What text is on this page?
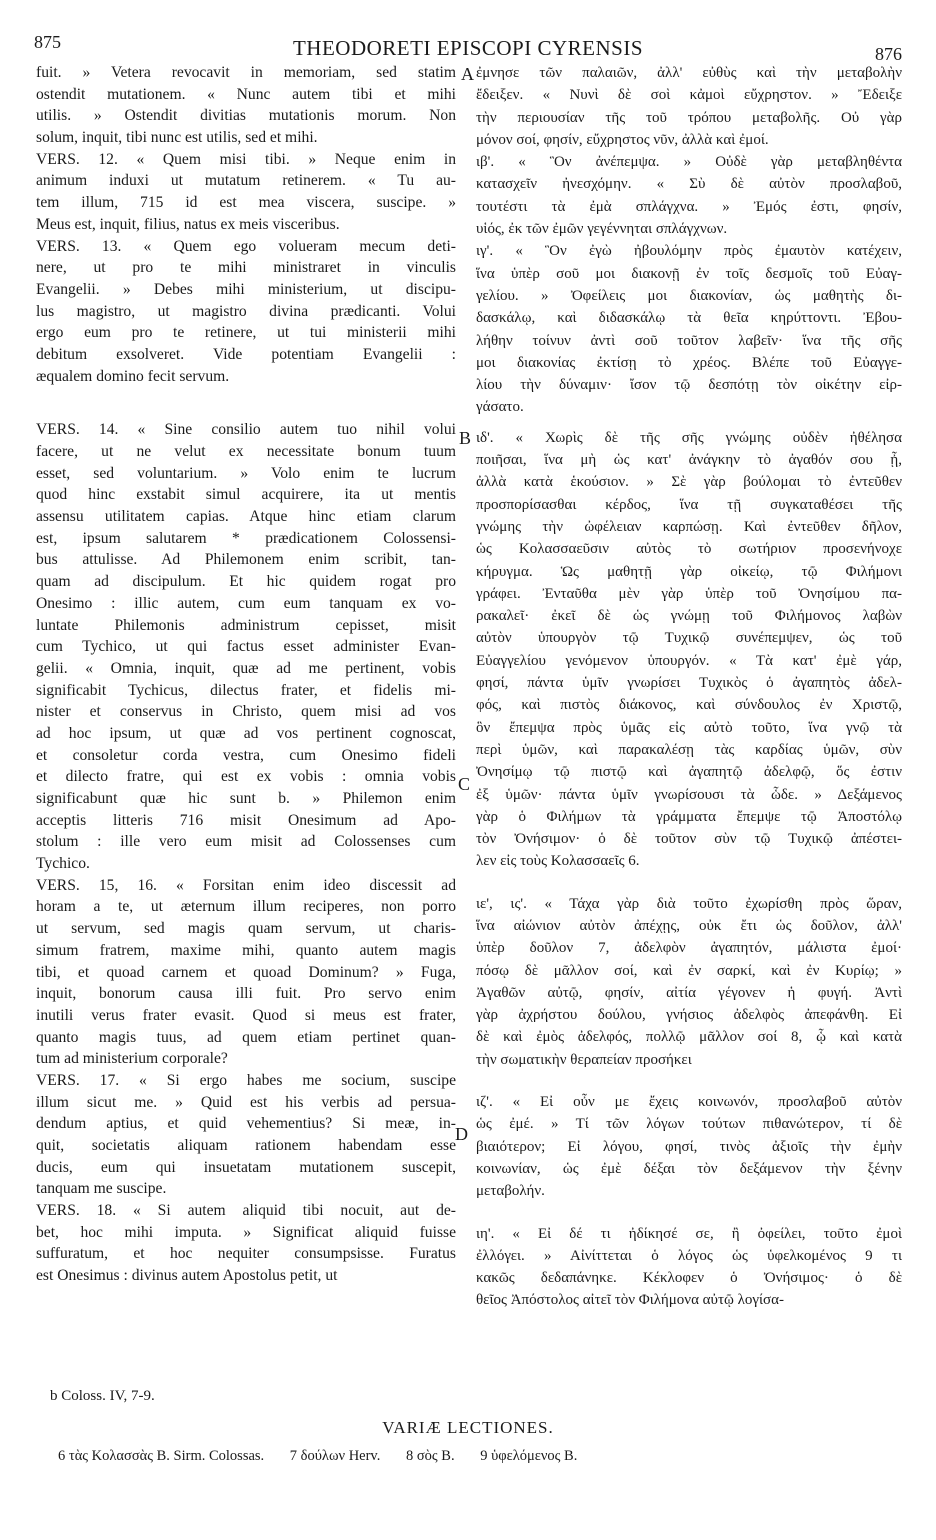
875	THEODORETI EPISCOPI CYRENSIS	876
A
B
C
D
fuit. » Vetera revocavit in memoriam, sed statim
ostendit mutationem. « Nunc autem tibi et mihi
utilis. » Ostendit divitias mutationis morum. Non
solum, inquit, tibi nunc est utilis, sed et mihi.
VERS. 12. « Quem misi tibi. » Neque enim in
animum induxi ut mutatum retinerem. « Tu au-
tem illum, 715 id est mea viscera, suscipe. »
Meus est, inquit, filius, natus ex meis visceribus.
VERS. 13. « Quem ego volueram mecum deti-
nere, ut pro te mihi ministraret in vinculis
Evangelii. » Debes mihi ministerium, ut discipu-
lus magistro, ut magistro divina prædicanti. Volui
ergo eum pro te retinere, ut tui ministerii mihi
debitum exsolveret. Vide potentiam Evangelii :
æqualem domino fecit servum.
VERS. 14. « Sine consilio autem tuo nihil volui
facere, ut ne velut ex necessitate bonum tuum
esset, sed voluntarium. » Volo enim te lucrum
quod hinc exstabit simul acquirere, ita ut mentis
assensu utilitatem capias. Atque hinc etiam clarum
est, ipsum salutarem * prædicationem Colossensi-
bus attulisse. Ad Philemonem enim scribit, tan-
quam ad discipulum. Et hic quidem rogat pro
Onesimo : illic autem, cum eum tanquam ex vo-
luntate Philemonis administrum cepisset, misit
cum Tychico, ut qui factus esset administer Evan-
gelii. « Omnia, inquit, quæ ad me pertinent, vobis
significabit Tychicus, dilectus frater, et fidelis mi-
nister et conservus in Christo, quem misi ad vos
ad hoc ipsum, ut quæ ad vos pertinent cognoscat,
et consoletur corda vestra, cum Onesimo fideli
et dilecto fratre, qui est ex vobis : omnia vobis
significabunt quæ hic sunt b. » Philemon enim
acceptis litteris 716 misit Onesimum ad Apo-
stolum : ille vero eum misit ad Colossenses cum
Tychico.
VERS. 15, 16. « Forsitan enim ideo discessit ad
horam a te, ut æternum illum reciperes, non porro
ut servum, sed magis quam servum, ut charis-
simum fratrem, maxime mihi, quanto autem magis
tibi, et quoad carnem et quoad Dominum? » Fuga,
inquit, bonorum causa illi fuit. Pro servo enim
inutili verus frater evasit. Quod si meus est frater,
quanto magis tuus, ad quem etiam pertinet quan-
tum ad ministerium corporale?
VERS. 17. « Si ergo habes me socium, suscipe
illum sicut me. » Quid est his verbis ad persua-
dendum aptius, et quid vehementius? Si meæ, in-
quit, societatis aliquam rationem habendam esse
ducis, eum qui insuetatam mutationem suscepit,
tanquam me suscipe.
VERS. 18. « Si autem aliquid tibi nocuit, aut de-
bet, hoc mihi imputa. » Significat aliquid fuisse
suffuratum, et hoc nequiter consumpsisse. Furatus
est Onesimus : divinus autem Apostolus petit, ut
ἐμνησε τῶν παλαιῶν, ἀλλ' εὐθὺς καὶ τὴν μεταβολὴν
ἔδειξεν. « Νυνὶ δὲ σοὶ κἀμοὶ εὔχρηστον. » Ἔδειξε
τὴν περιουσίαν τῆς τοῦ τρόπου μεταβολῆς. Οὐ γὰρ
μόνον σοί, φησίν, εὔχρηστος νῦν, ἀλλὰ καὶ ἐμοί.
ιβ'. « Ὃν ἀνέπεμψα. » Οὐδὲ γὰρ μεταβληθέντα
κατασχεῖν ἠνεσχόμην. « Σὺ δὲ αὐτὸν προσλαβοῦ,
τουτέστι τὰ ἐμὰ σπλάγχνα. » Ἐμός ἐστι, φησίν,
υἱός, ἐκ τῶν ἐμῶν γεγέννηται σπλάγχνων.
ιγ'. « Ὃν ἐγὼ ἠβουλόμην πρὸς ἐμαυτὸν κατέχειν,
ἵνα ὑπὲρ σοῦ μοι διακονῇ ἐν τοῖς δεσμοῖς τοῦ Εὐαγ-
γελίου. » Ὀφείλεις μοι διακονίαν, ὡς μαθητὴς δι-
δασκάλῳ, καὶ διδασκάλῳ τὰ θεῖα κηρύττοντι. Ἐβου-
λήθην τοίνυν ἀντὶ σοῦ τοῦτον λαβεῖν· ἵνα τῆς σῆς
μοι διακονίας ἐκτίσῃ τὸ χρέος. Βλέπε τοῦ Εὐαγγε-
λίου τὴν δύναμιν· ἴσον τῷ δεσπότῃ τὸν οἰκέτην εἰρ-
γάσατο.
ιδ'. « Χωρὶς δὲ τῆς σῆς γνώμης οὐδὲν ἠθέλησα
ποιῆσαι, ἵνα μὴ ὡς κατ' ἀνάγκην τὸ ἀγαθόν σου ᾖ,
ἀλλὰ κατὰ ἑκούσιον. » Σὲ γὰρ βούλομαι τὸ ἐντεῦθεν
προσπορίσασθαι κέρδος, ἵνα τῇ συγκαταθέσει τῆς
γνώμης τὴν ὠφέλειαν καρπώσῃ. Καὶ ἐντεῦθεν δῆλον,
ὡς Κολασσαεῦσιν αὐτὸς τὸ σωτήριον προσενήνοχε
κήρυγμα. Ὡς μαθητῇ γὰρ οἰκείῳ, τῷ Φιλήμονι
γράφει. Ἐνταῦθα μὲν γὰρ ὑπὲρ τοῦ Ὀνησίμου πα-
ρακαλεῖ· ἐκεῖ δὲ ὡς γνώμῃ τοῦ Φιλήμονος λαβὼν
αὐτὸν ὑπουργὸν τῷ Τυχικῷ συνέπεμψεν, ὡς τοῦ
Εὐαγγελίου γενόμενον ὑπουργόν. « Τὰ κατ' ἐμὲ γάρ,
φησί, πάντα ὑμῖν γνωρίσει Τυχικὸς ὁ ἀγαπητὸς ἀδελ-
φός, καὶ πιστὸς διάκονος, καὶ σύνδουλος ἐν Χριστῷ,
ὃν ἔπεμψα πρὸς ὑμᾶς εἰς αὐτὸ τοῦτο, ἵνα γνῷ τὰ
περὶ ὑμῶν, καὶ παρακαλέσῃ τὰς καρδίας ὑμῶν, σὺν
Ὀνησίμῳ τῷ πιστῷ καὶ ἀγαπητῷ ἀδελφῷ, ὅς ἐστιν
ἐξ ὑμῶν· πάντα ὑμῖν γνωρίσουσι τὰ ὧδε. » Δεξάμενος
γὰρ ὁ Φιλήμων τὰ γράμματα ἔπεμψε τῷ Ἀποστόλῳ
τὸν Ὀνήσιμον· ὁ δὲ τοῦτον σὺν τῷ Τυχικῷ ἀπέστει-
λεν εἰς τοὺς Κολασσαεῖς 6.
ιε', ις'. « Τάχα γὰρ διὰ τοῦτο ἐχωρίσθη πρὸς ὥραν,
ἵνα αἰώνιον αὐτὸν ἀπέχῃς, οὐκ ἔτι ὡς δοῦλον, ἀλλ'
ὑπὲρ δοῦλον 7, ἀδελφὸν ἀγαπητόν, μάλιστα ἐμοί·
πόσῳ δὲ μᾶλλον σοί, καὶ ἐν σαρκί, καὶ ἐν Κυρίῳ; »
Ἀγαθῶν αὐτῷ, φησίν, αἰτία γέγονεν ἡ φυγή. Ἀντὶ
γὰρ ἀχρήστου δούλου, γνήσιος ἀδελφὸς ἀπεφάνθη. Εἰ
δὲ καὶ ἐμὸς ἀδελφός, πολλῷ μᾶλλον σοί 8, ᾧ καὶ κατὰ
τὴν σωματικὴν θεραπείαν προσήκει
ιζ'. « Εἰ οὖν με ἔχεις κοινωνόν, προσλαβοῦ αὐτὸν
ὡς ἐμέ. » Τί τῶν λόγων τούτων πιθανώτερον, τί δὲ
βιαιότερον; Εἰ λόγου, φησί, τινὸς ἀξιοῖς τὴν ἐμὴν
κοινωνίαν, ὡς ἐμὲ δέξαι τὸν δεξάμενον τὴν ξένην
μεταβολήν.
ιη'. « Εἰ δέ τι ἠδίκησέ σε, ἢ ὀφείλει, τοῦτο ἐμοὶ
ἐλλόγει. » Αἰνίττεται ὁ λόγος ὡς ὑφελκομένος 9 τι
κακῶς δεδαπάνηκε. Κέκλοφεν ὁ Ὀνήσιμος· ὁ δὲ
θεῖος Ἀπόστολος αἰτεῖ τὸν Φιλήμονα αὐτῷ λογίσα-
b Coloss. IV, 7-9.
VARIÆ LECTIONES.
6 τὰς Κολασσὰς B. Sirm. Colossas. 7 δούλων Herv. 8 σὸς B. 9 ὑφελόμενος B.
